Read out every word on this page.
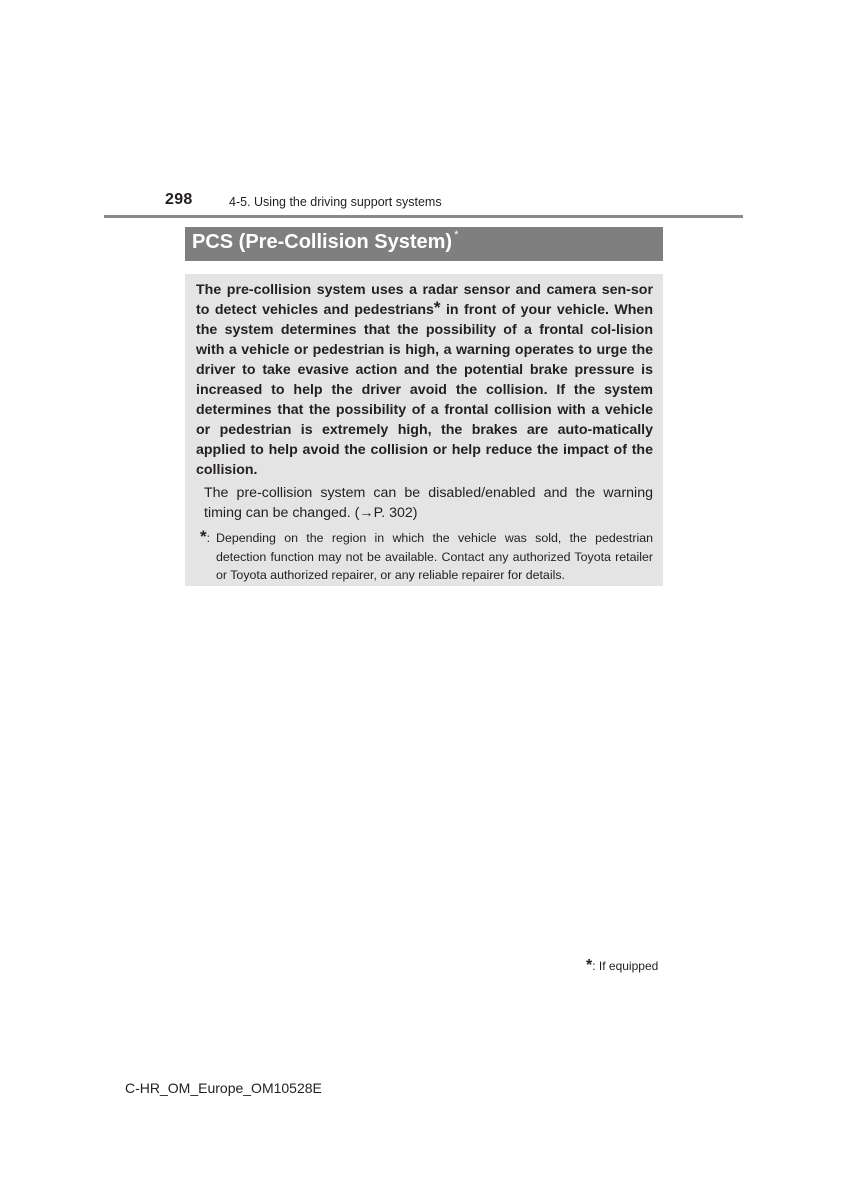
298	4-5. Using the driving support systems
PCS (Pre-Collision System) *

The pre-collision system uses a radar sensor and camera sen-sor to detect vehicles and pedestrians* in front of your vehicle. When the system determines that the possibility of a frontal col-lision with a vehicle or pedestrian is high, a warning operates to urge the driver to take evasive action and the potential brake pressure is increased to help the driver avoid the collision. If the system determines that the possibility of a frontal collision with a vehicle or pedestrian is extremely high, the brakes are auto-matically applied to help avoid the collision or help reduce the impact of the collision.

The pre-collision system can be disabled/enabled and the warning timing can be changed. (→P. 302)

*: Depending on the region in which the vehicle was sold, the pedestrian detection function may not be available. Contact any authorized Toyota retailer or Toyota authorized repairer, or any reliable repairer for details.
*: If equipped
C-HR_OM_Europe_OM10528E
